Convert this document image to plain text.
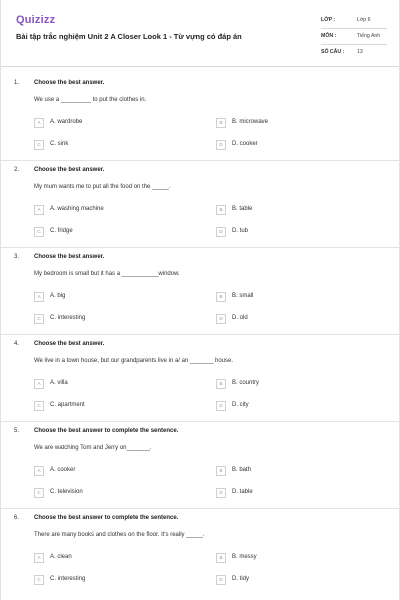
Quizizz
Bài tập trắc nghiệm Unit 2 A Closer Look 1 - Từ vựng có đáp án
LỚP :	Lớp 6
MÔN :	Tiếng Anh
SỐ CÂU : 13
1. Choose the best answer.
We use a _________ to put the clothes in.
A	A. wardrobe	B	B. microwave
C	C. sink	D	D. cooker
2. Choose the best answer.
My mum wants me to put all the food on the _____.
A	A. washing machine	B	B. table
C	C. fridge	D	D. tub
3. Choose the best answer.
My bedroom is small but it has a ___________window.
A	A. big	B	B. small
C	C. interesting	D	D. old
4. Choose the best answer.
We live in a town house, but our grandparents live in a/ an _______ house.
A	A. villa	B	B. country
C	C. apartment	D	D. city
5. Choose the best answer to complete the sentence.
We are watching Tom and Jerry on_______.
A	A. cooker	B	B. bath
C	C. television	D	D. table
6. Choose the best answer to complete the sentence.
There are many books and clothes on the floor. It's really _____.
A	A. clean	B	B. messy
C	C. interesting	D	D. tidy
